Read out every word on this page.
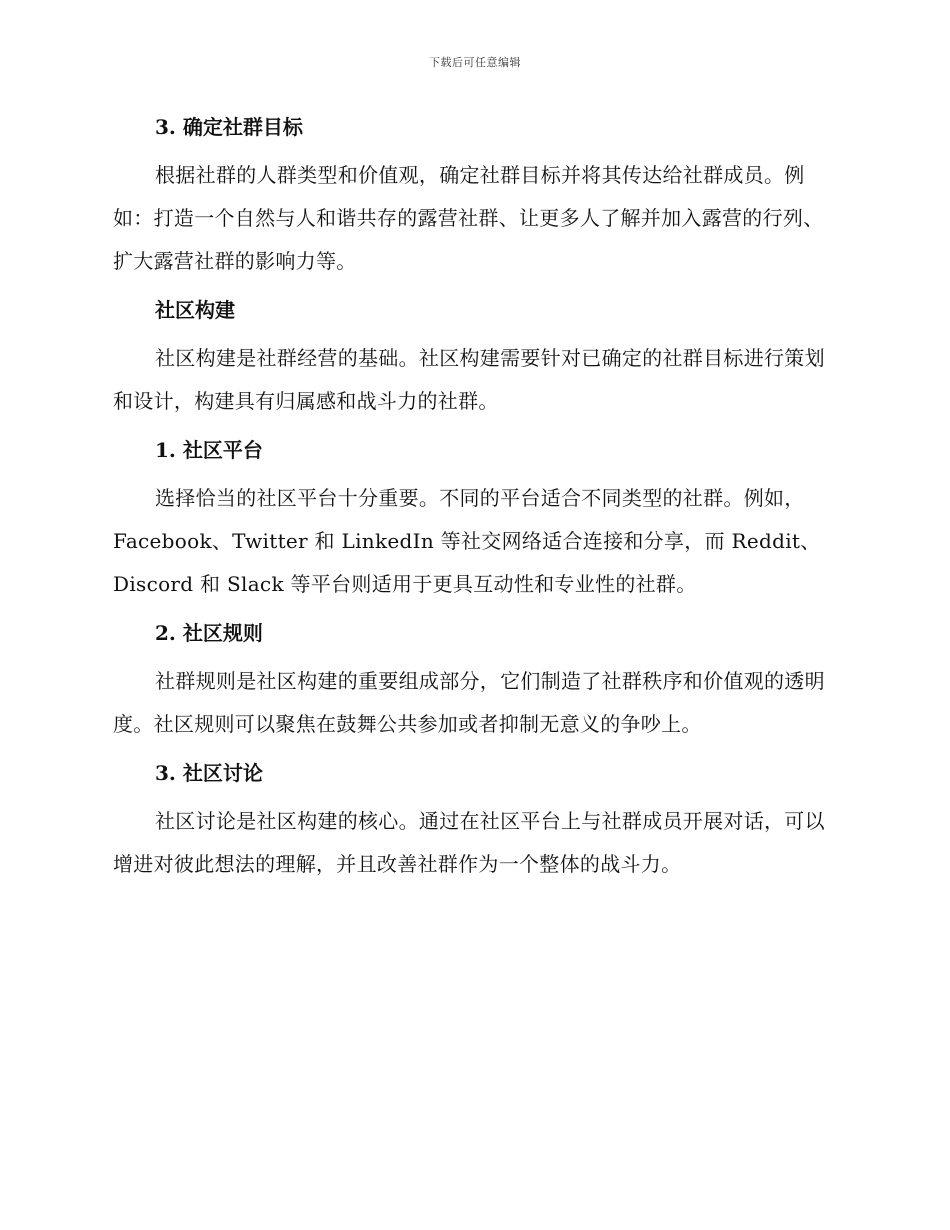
下载后可任意编辑
3. 确定社群目标

根据社群的人群类型和价值观，确定社群目标并将其传达给社群成员。例如：打造一个自然与人和谐共存的露营社群、让更多人了解并加入露营的行列、扩大露营社群的影响力等。

社区构建

社区构建是社群经营的基础。社区构建需要针对已确定的社群目标进行策划和设计，构建具有归属感和战斗力的社群。

1. 社区平台

选择恰当的社区平台十分重要。不同的平台适合不同类型的社群。例如，Facebook、Twitter 和 LinkedIn 等社交网络适合连接和分享，而 Reddit、Discord 和 Slack 等平台则适用于更具互动性和专业性的社群。

2. 社区规则

社群规则是社区构建的重要组成部分，它们制造了社群秩序和价值观的透明度。社区规则可以聚焦在鼓舞公共参加或者抑制无意义的争吵上。

3. 社区讨论

社区讨论是社区构建的核心。通过在社区平台上与社群成员开展对话，可以增进对彼此想法的理解，并且改善社群作为一个整体的战斗力。
